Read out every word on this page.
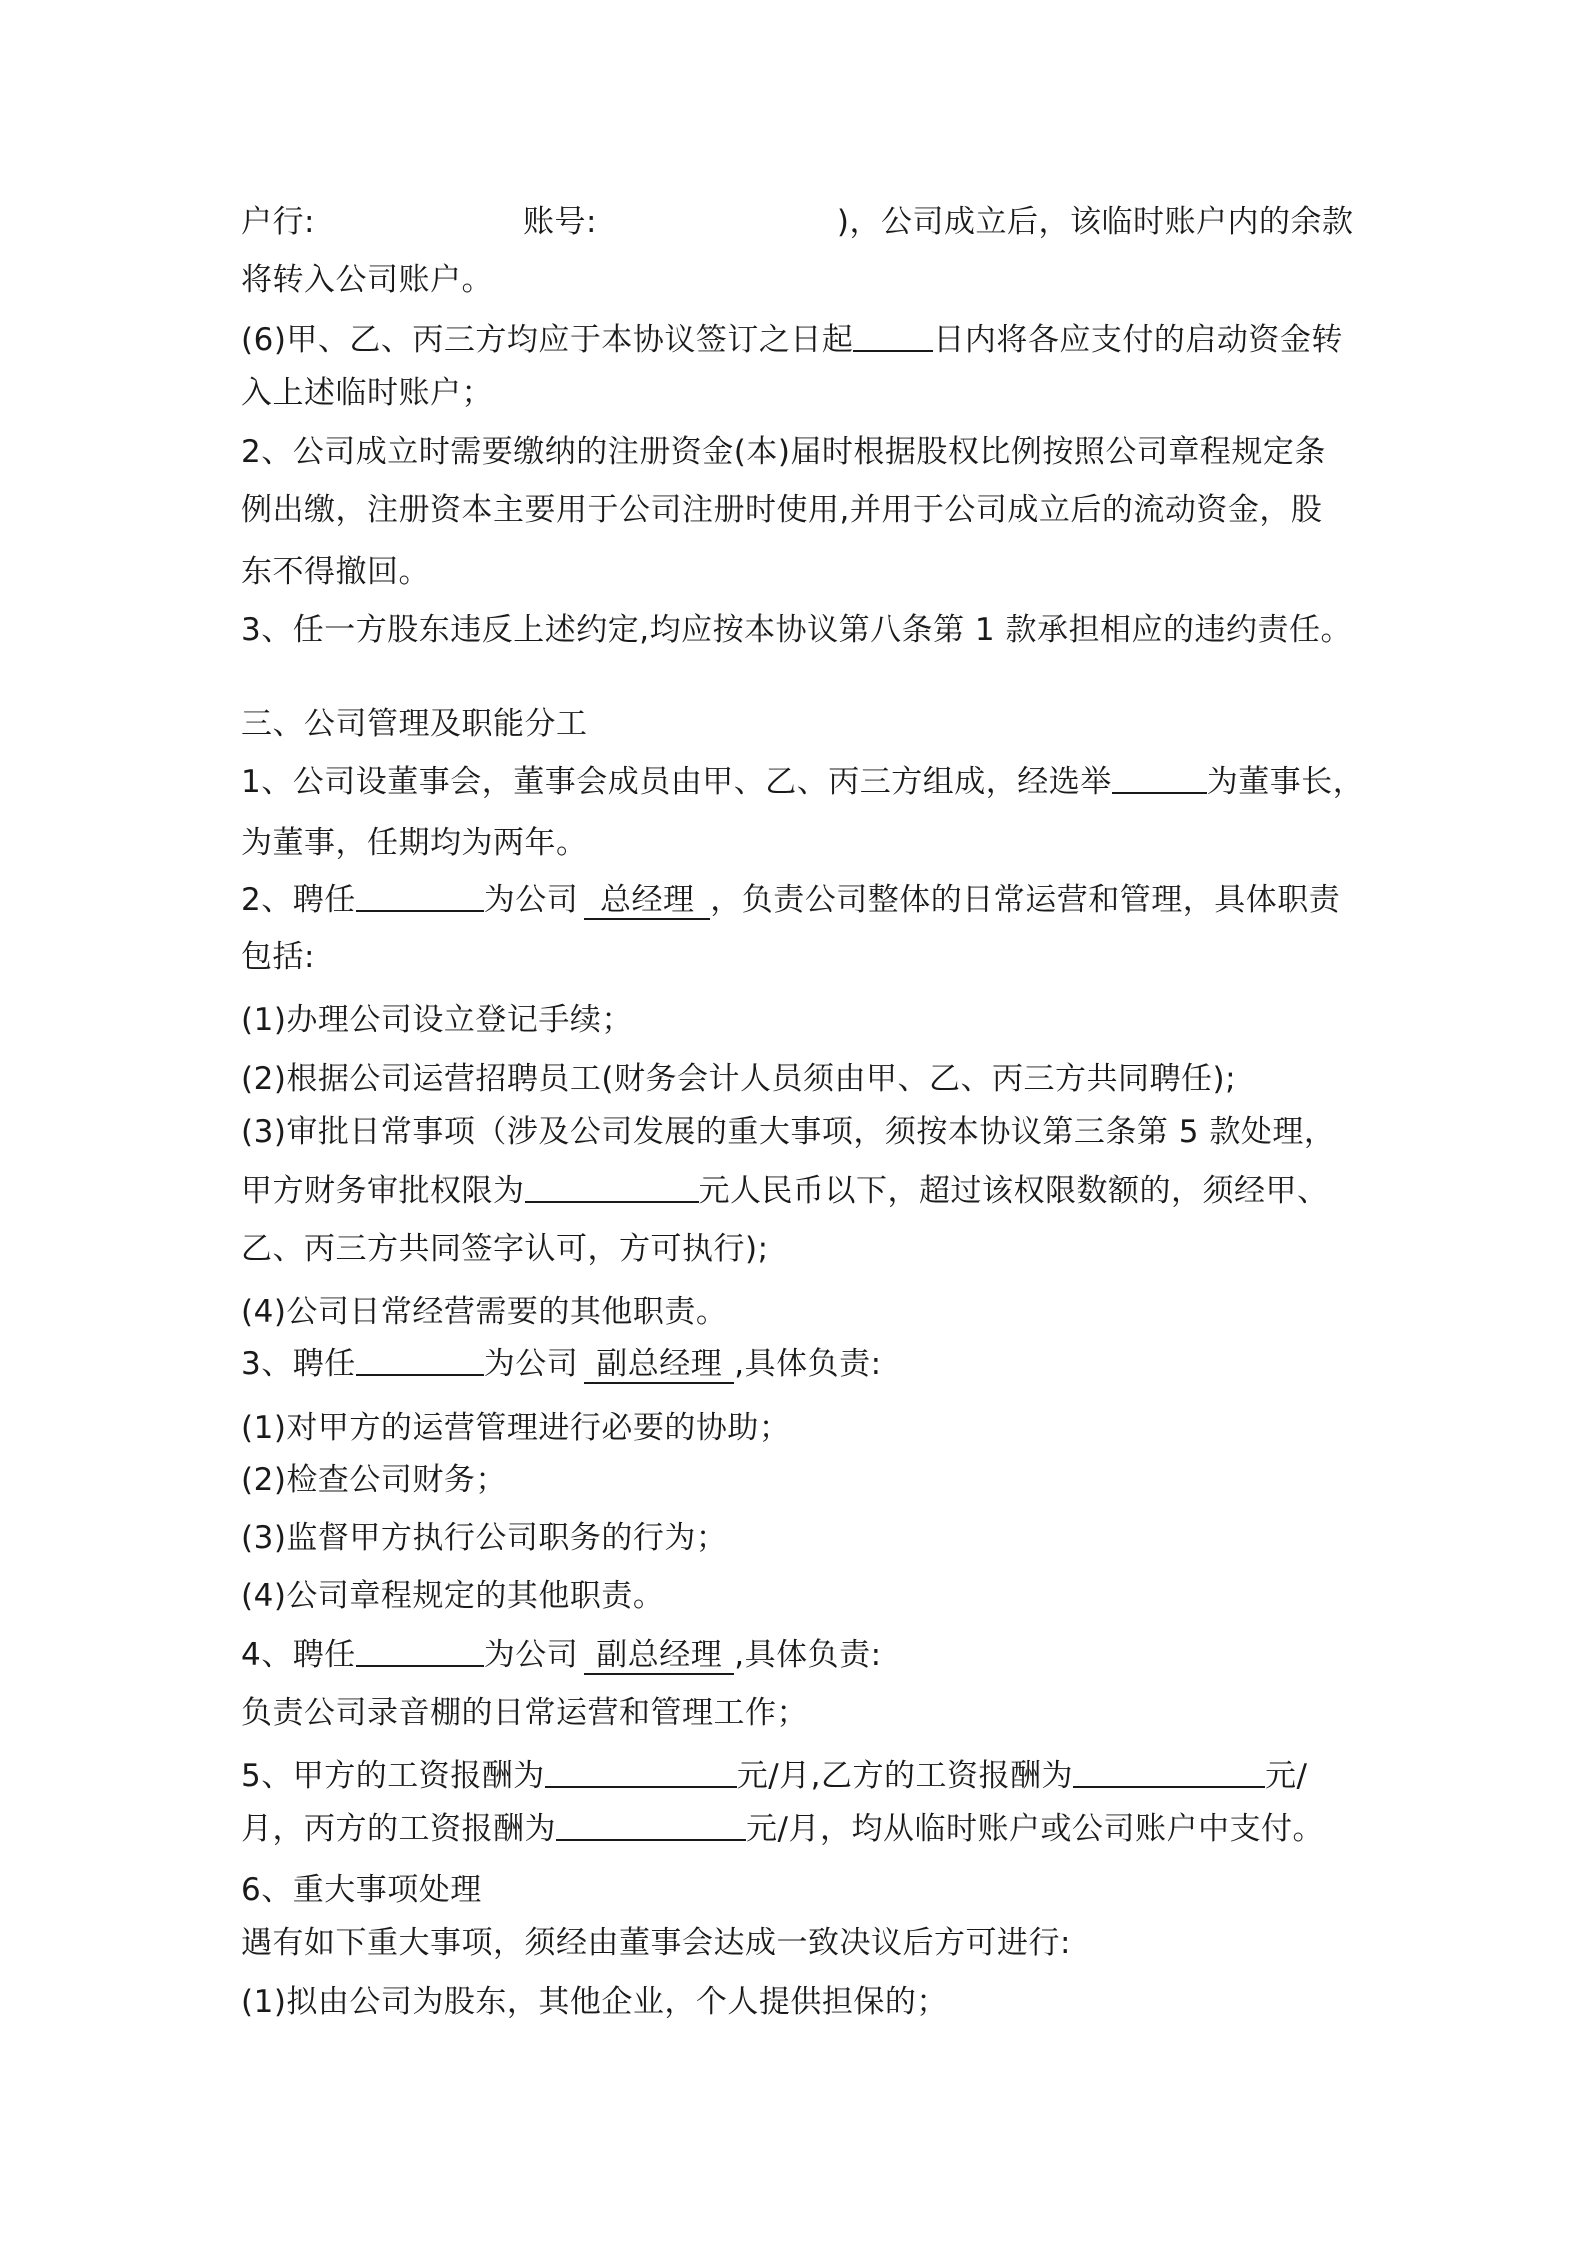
户行:	账号:	)，公司成立后，该临时账户内的余款
将转入公司账户。
(6)甲、乙、丙三方均应于本协议签订之日起	日内将各应支付的启动资金转
入上述临时账户；
2、公司成立时需要缴纳的注册资金(本)届时根据股权比例按照公司章程规定条
例出缴，注册资本主要用于公司注册时使用,并用于公司成立后的流动资金，股
东不得撤回。
3、任一方股东违反上述约定,均应按本协议第八条第 1 款承担相应的违约责任。
三、公司管理及职能分工
1、公司设董事会，董事会成员由甲、乙、丙三方组成，经选举	为董事长，
为董事，任期均为两年。
2、聘任	为公司 总经理 ，负责公司整体的日常运营和管理，具体职责
包括:
(1)办理公司设立登记手续；
(2)根据公司运营招聘员工(财务会计人员须由甲、乙、丙三方共同聘任);
(3)审批日常事项（涉及公司发展的重大事项，须按本协议第三条第 5 款处理，
甲方财务审批权限为	元人民币以下，超过该权限数额的，须经甲、
乙、丙三方共同签字认可，方可执行);
(4)公司日常经营需要的其他职责。
3、聘任	为公司 副总经理 ,具体负责:
(1)对甲方的运营管理进行必要的协助；
(2)检查公司财务；
(3)监督甲方执行公司职务的行为；
(4)公司章程规定的其他职责。
4、聘任	为公司 副总经理 ,具体负责:
负责公司录音棚的日常运营和管理工作；
5、甲方的工资报酬为	元/月,乙方的工资报酬为	元/
月，丙方的工资报酬为	元/月，均从临时账户或公司账户中支付。
6、重大事项处理
遇有如下重大事项，须经由董事会达成一致决议后方可进行:
(1)拟由公司为股东，其他企业，个人提供担保的；
